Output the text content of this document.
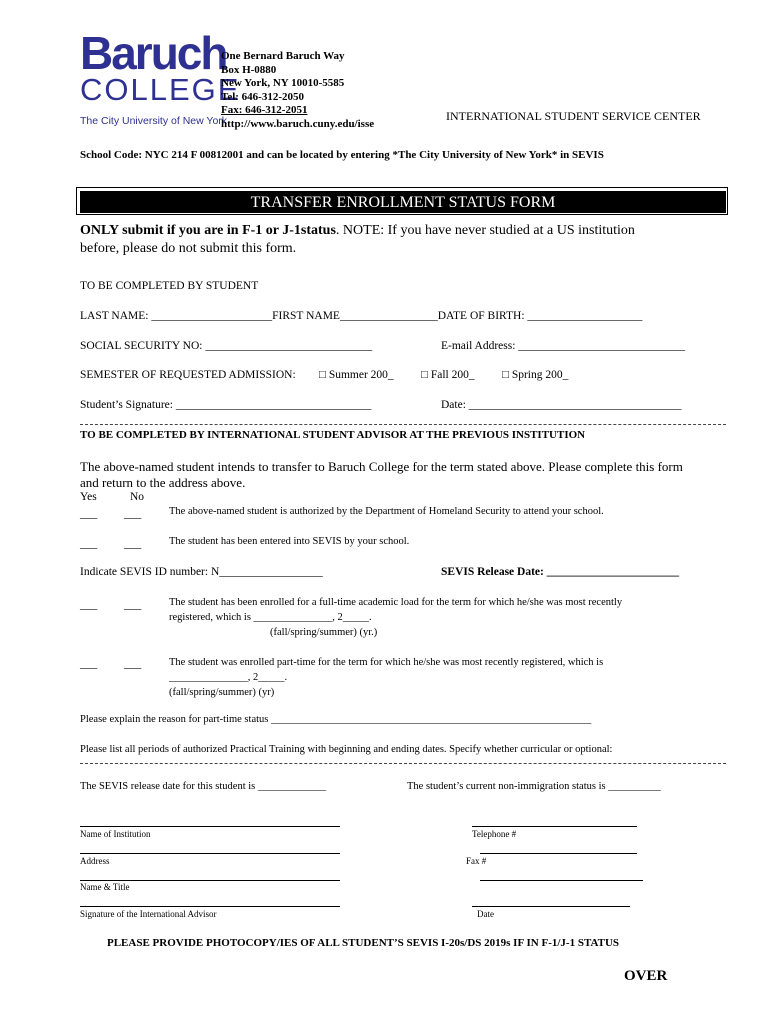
Baruch
COLLEGE
The City University of New York
One Bernard Baruch Way
Box H-0880
New York, NY 10010-5585
Tel: 646-312-2050
Fax: 646-312-2051
http://www.baruch.cuny.edu/isse
INTERNATIONAL STUDENT SERVICE CENTER
School Code: NYC 214 F 00812001 and can be located by entering *The City University of New York* in SEVIS
TRANSFER ENROLLMENT STATUS FORM
ONLY submit if you are in F-1 or J-1status. NOTE: If you have never studied at a US institution
before, please do not submit this form.
TO BE COMPLETED BY STUDENT
LAST NAME: _____________________FIRST NAME_________________DATE OF BIRTH: ____________________
SOCIAL SECURITY NO: _____________________________	E-mail Address: _____________________________
SEMESTER OF REQUESTED ADMISSION: □ Summer 200_ □ Fall 200_ □ Spring 200_
Student’s Signature: __________________________________	Date: _____________________________________
TO BE COMPLETED BY INTERNATIONAL STUDENT ADVISOR AT THE PREVIOUS INSTITUTION
The above-named student intends to transfer to Baruch College for the term stated above. Please complete this form
and return to the address above.
Yes	No
___ ___	The above-named student is authorized by the Department of Homeland Security to attend your school.
___ ___	The student has been entered into SEVIS by your school.
Indicate SEVIS ID number: N__________________	SEVIS Release Date: _______________________
___ ___	The student has been enrolled for a full-time academic load for the term for which he/she was most recently
registered, which is _______________, 2_____.
(fall/spring/summer) (yr.)
___ ___	The student was enrolled part-time for the term for which he/she was most recently registered, which is
_______________, 2_____.
(fall/spring/summer) (yr)
Please explain the reason for part-time status _____________________________________________________________
Please list all periods of authorized Practical Training with beginning and ending dates. Specify whether curricular or optional:
The SEVIS release date for this student is _____________	The student’s current non-immigration status is __________
Name of Institution	Telephone #
Address	Fax #
Name & Title
Signature of the International Advisor	Date
PLEASE PROVIDE PHOTOCOPY/IES OF ALL STUDENT’S SEVIS I-20s/DS 2019s IF IN F-1/J-1 STATUS
OVER
